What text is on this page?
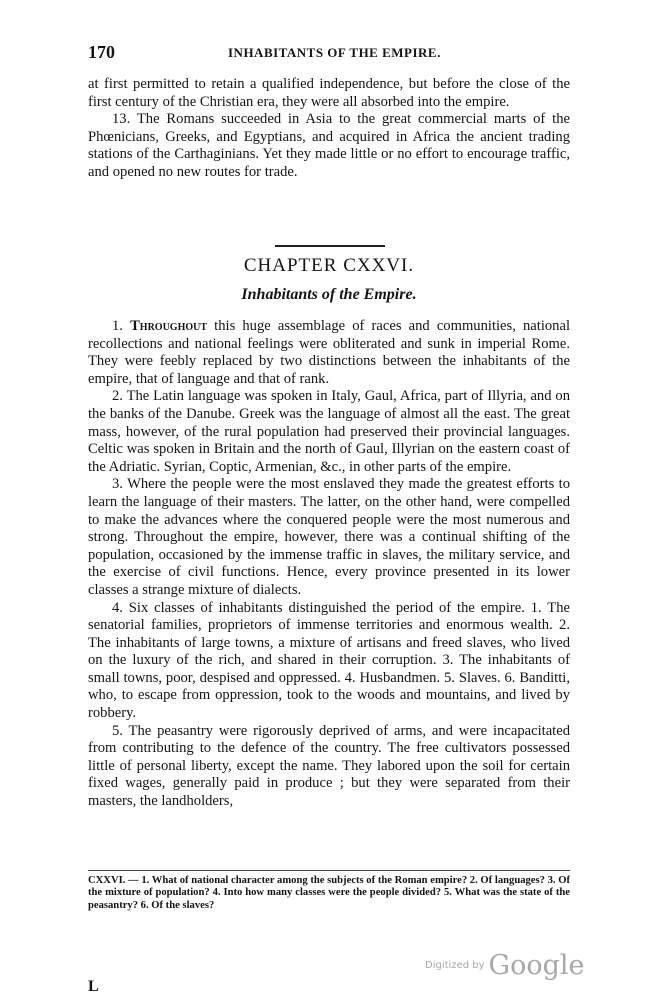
170	INHABITANTS OF THE EMPIRE.

at first permitted to retain a qualified independence, but before the close of the first century of the Christian era, they were all absorbed into the empire.

13. The Romans succeeded in Asia to the great commercial marts of the Phœnicians, Greeks, and Egyptians, and acquired in Africa the ancient trading stations of the Carthaginians. Yet they made little or no effort to encourage traffic, and opened no new routes for trade.

CHAPTER CXXVI.
Inhabitants of the Empire.

1. Throughout this huge assemblage of races and communities, national recollections and national feelings were obliterated and sunk in imperial Rome. They were feebly replaced by two distinctions between the inhabitants of the empire, that of language and that of rank.

2. The Latin language was spoken in Italy, Gaul, Africa, part of Illyria, and on the banks of the Danube. Greek was the language of almost all the east. The great mass, however, of the rural population had preserved their provincial languages. Celtic was spoken in Britain and the north of Gaul, Illyrian on the eastern coast of the Adriatic. Syrian, Coptic, Armenian, &c., in other parts of the empire.

3. Where the people were the most enslaved they made the greatest efforts to learn the language of their masters. The latter, on the other hand, were compelled to make the advances where the conquered people were the most numerous and strong. Throughout the empire, however, there was a continual shifting of the population, occasioned by the immense traffic in slaves, the military service, and the exercise of civil functions. Hence, every province presented in its lower classes a strange mixture of dialects.

4. Six classes of inhabitants distinguished the period of the empire. 1. The senatorial families, proprietors of immense territories and enormous wealth. 2. The inhabitants of large towns, a mixture of artisans and freed slaves, who lived on the luxury of the rich, and shared in their corruption. 3. The inhabitants of small towns, poor, despised and oppressed. 4. Husbandmen. 5. Slaves. 6. Banditti, who, to escape from oppression, took to the woods and mountains, and lived by robbery.

5. The peasantry were rigorously deprived of arms, and were incapacitated from contributing to the defence of the country. The free cultivators possessed little of personal liberty, except the name. They labored upon the soil for certain fixed wages, generally paid in produce ; but they were separated from their masters, the landholders,

CXXVI. — 1. What of national character among the subjects of the Roman empire? 2. Of languages? 3. Of the mixture of population? 4. Into how many classes were the people divided? 5. What was the state of the peasantry? 6. Of the slaves?
Digitized by Google
L
